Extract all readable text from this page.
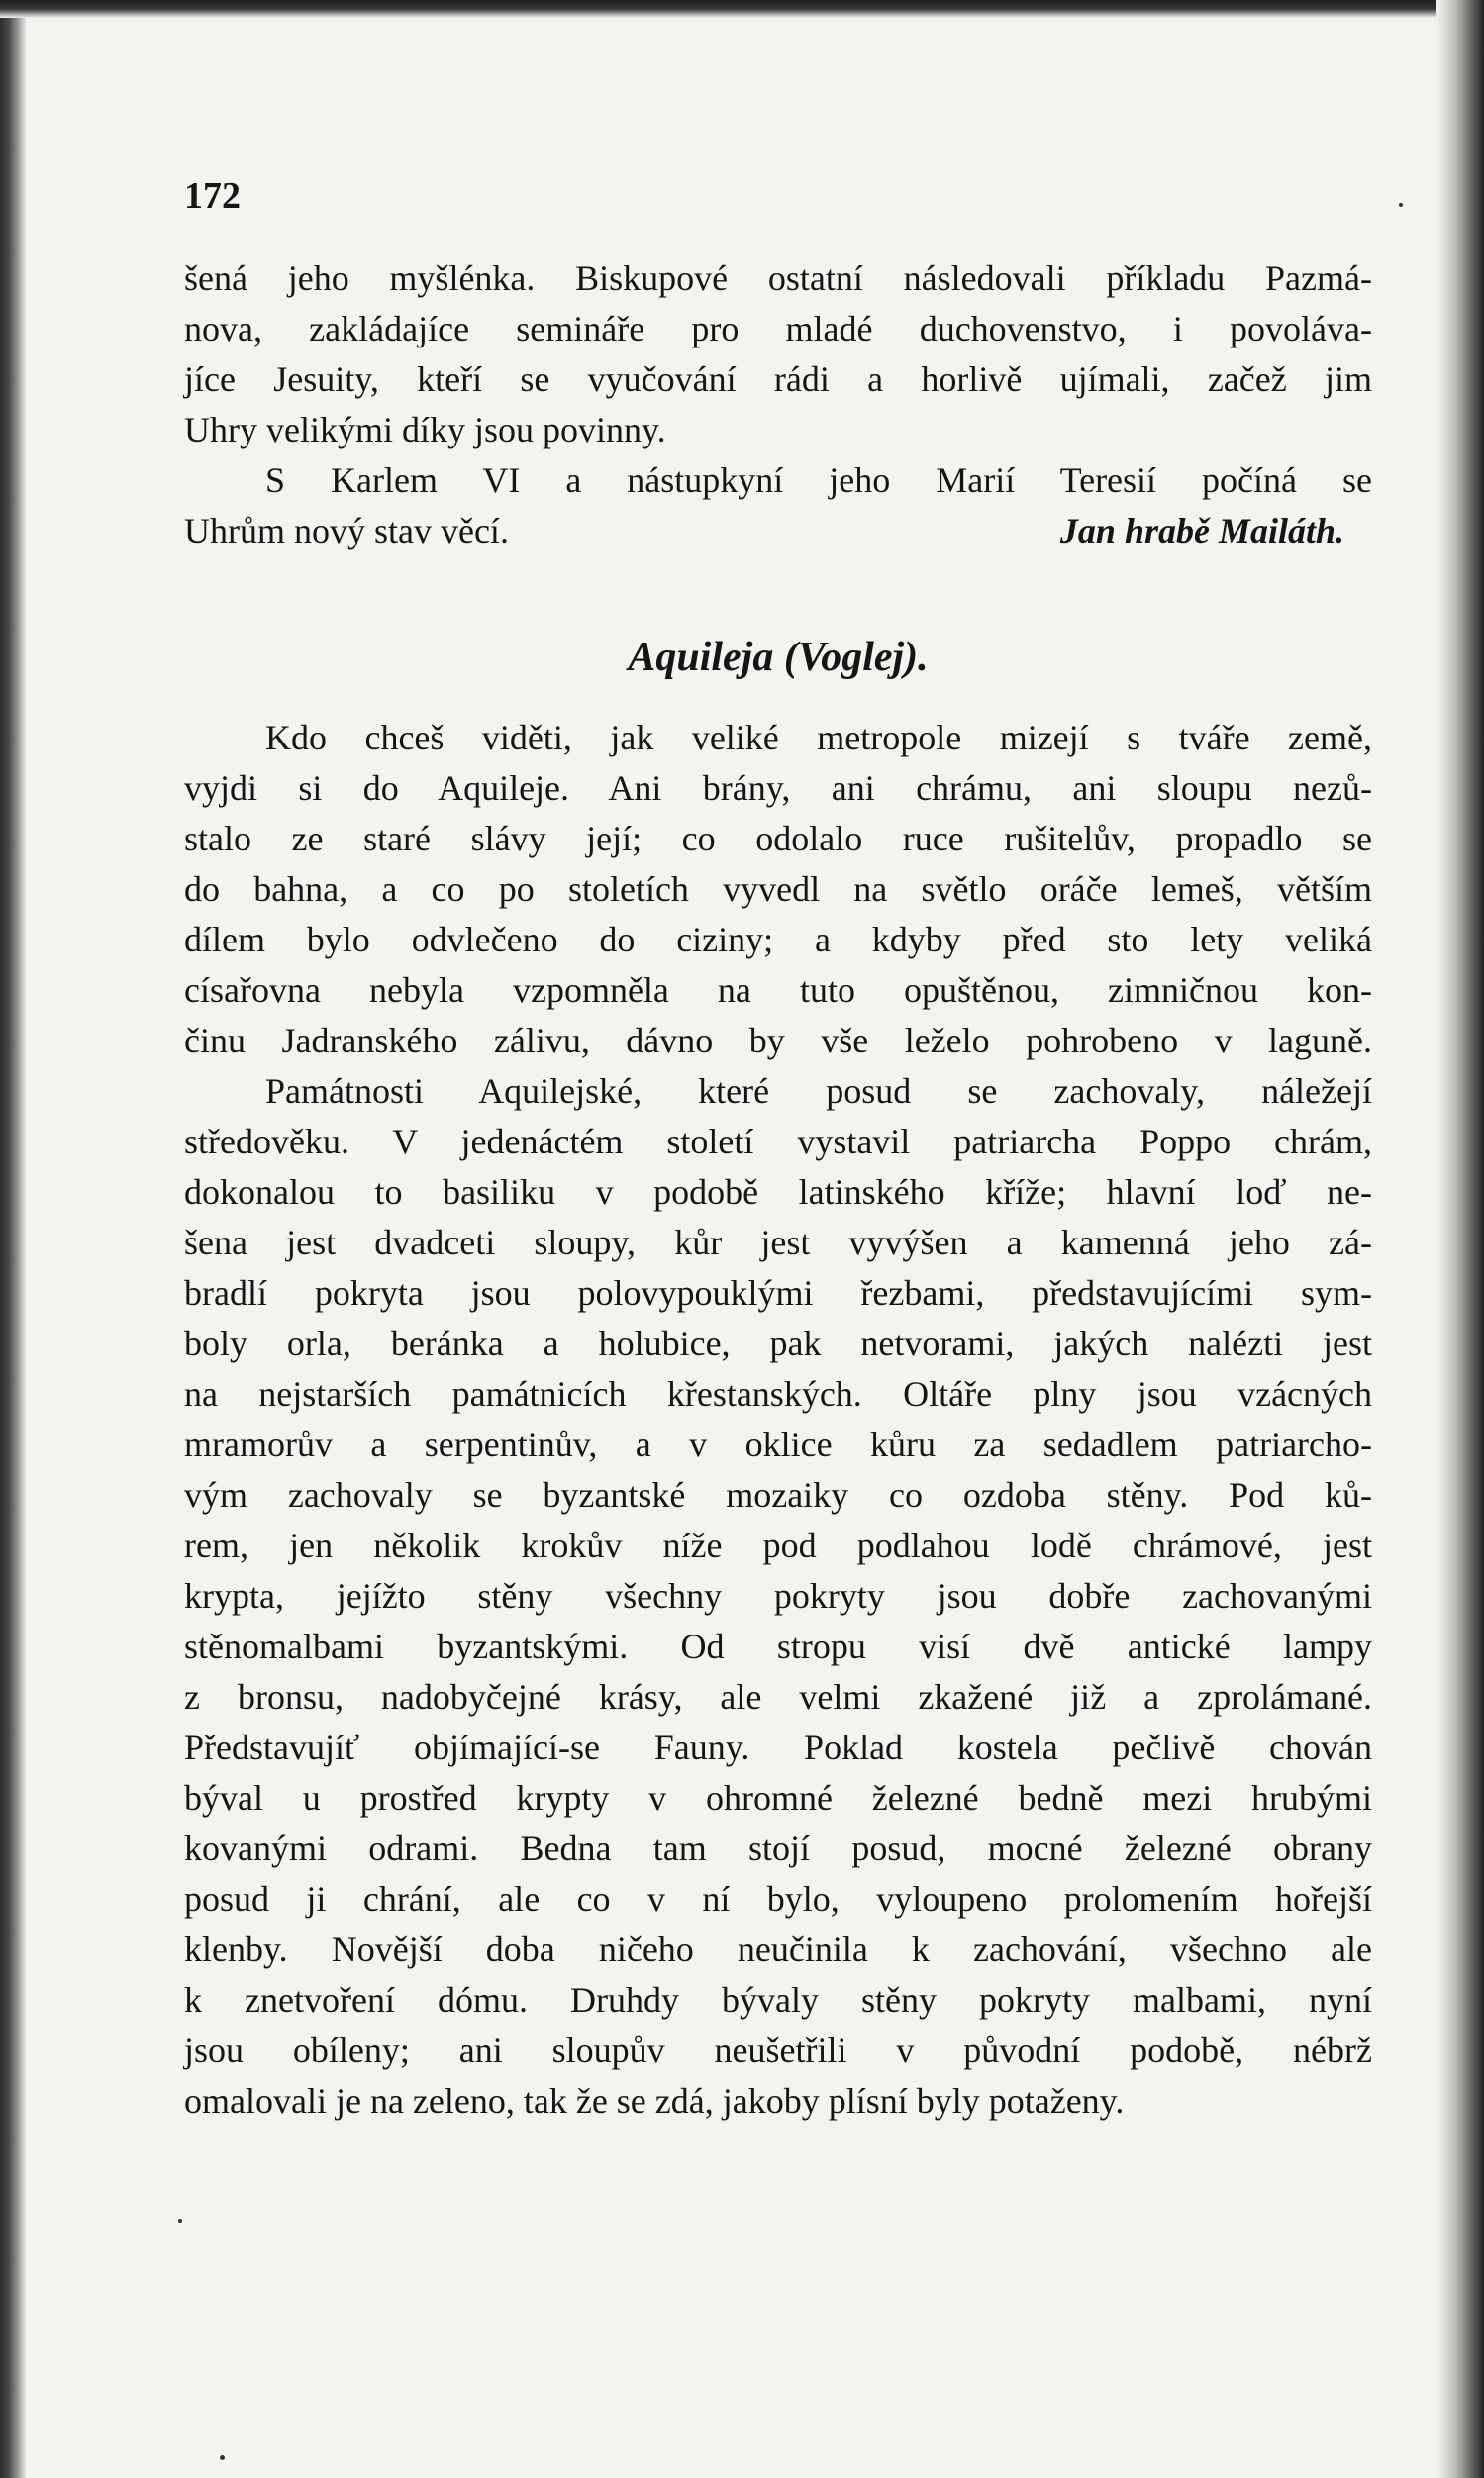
172
šená jeho myšlénka. Biskupové ostatní následovali příkladu Pazmá-
nova, zakládajíce semináře pro mladé duchovenstvo, i povoláva-
jíce Jesuity, kteří se vyučování rádi a horlivě ujímali, začež jim
Uhry velikými díky jsou povinny.
S Karlem VI a nástupkyní jeho Marií Teresií počíná se
Uhrům nový stav věcí.	Jan hrabě Mailáth.
Aquileja (Voglej).
Kdo chceš viděti, jak veliké metropole mizejí s tváře země,
vyjdi si do Aquileje. Ani brány, ani chrámu, ani sloupu nezů-
stalo ze staré slávy její; co odolalo ruce rušitelův, propadlo se
do bahna, a co po stoletích vyvedl na světlo oráče lemeš, větším
dílem bylo odvlečeno do ciziny; a kdyby před sto lety veliká
císařovna nebyla vzpomněla na tuto opuštěnou, zimničnou kon-
činu Jadranského zálivu, dávno by vše leželo pohrobeno v laguně.
Památnosti Aquilejské, které posud se zachovaly, náležejí
středověku. V jedenáctém století vystavil patriarcha Poppo chrám,
dokonalou to basiliku v podobě latinského kříže; hlavní loď ne-
šena jest dvadceti sloupy, kůr jest vyvýšen a kamenná jeho zá-
bradlí pokryta jsou polovypouklými řezbami, představujícími sym-
boly orla, beránka a holubice, pak netvorami, jakých nalézti jest
na nejstarších památnicích křestanských. Oltáře plny jsou vzácných
mramorův a serpentinův, a v oklice kůru za sedadlem patriarcho-
vým zachovaly se byzantské mozaiky co ozdoba stěny. Pod ků-
rem, jen několik krokův níže pod podlahou lodě chrámové, jest
krypta, jejížto stěny všechny pokryty jsou dobře zachovanými
stěnomalbami byzantskými. Od stropu visí dvě antické lampy
z bronsu, nadobyčejné krásy, ale velmi zkažené již a zprolámané.
Představujíť objímající-se Fauny. Poklad kostela pečlivě chován
býval u prostřed krypty v ohromné železné bedně mezi hrubými
kovanými odrami. Bedna tam stojí posud, mocné železné obrany
posud ji chrání, ale co v ní bylo, vyloupeno prolomením hořejší
klenby. Novější doba ničeho neučinila k zachování, všechno ale
k znetvoření dómu. Druhdy bývaly stěny pokryty malbami, nyní
jsou obíleny; ani sloupův neušetřili v původní podobě, nébrž
omalovali je na zeleno, tak že se zdá, jakoby plísní byly potaženy.
